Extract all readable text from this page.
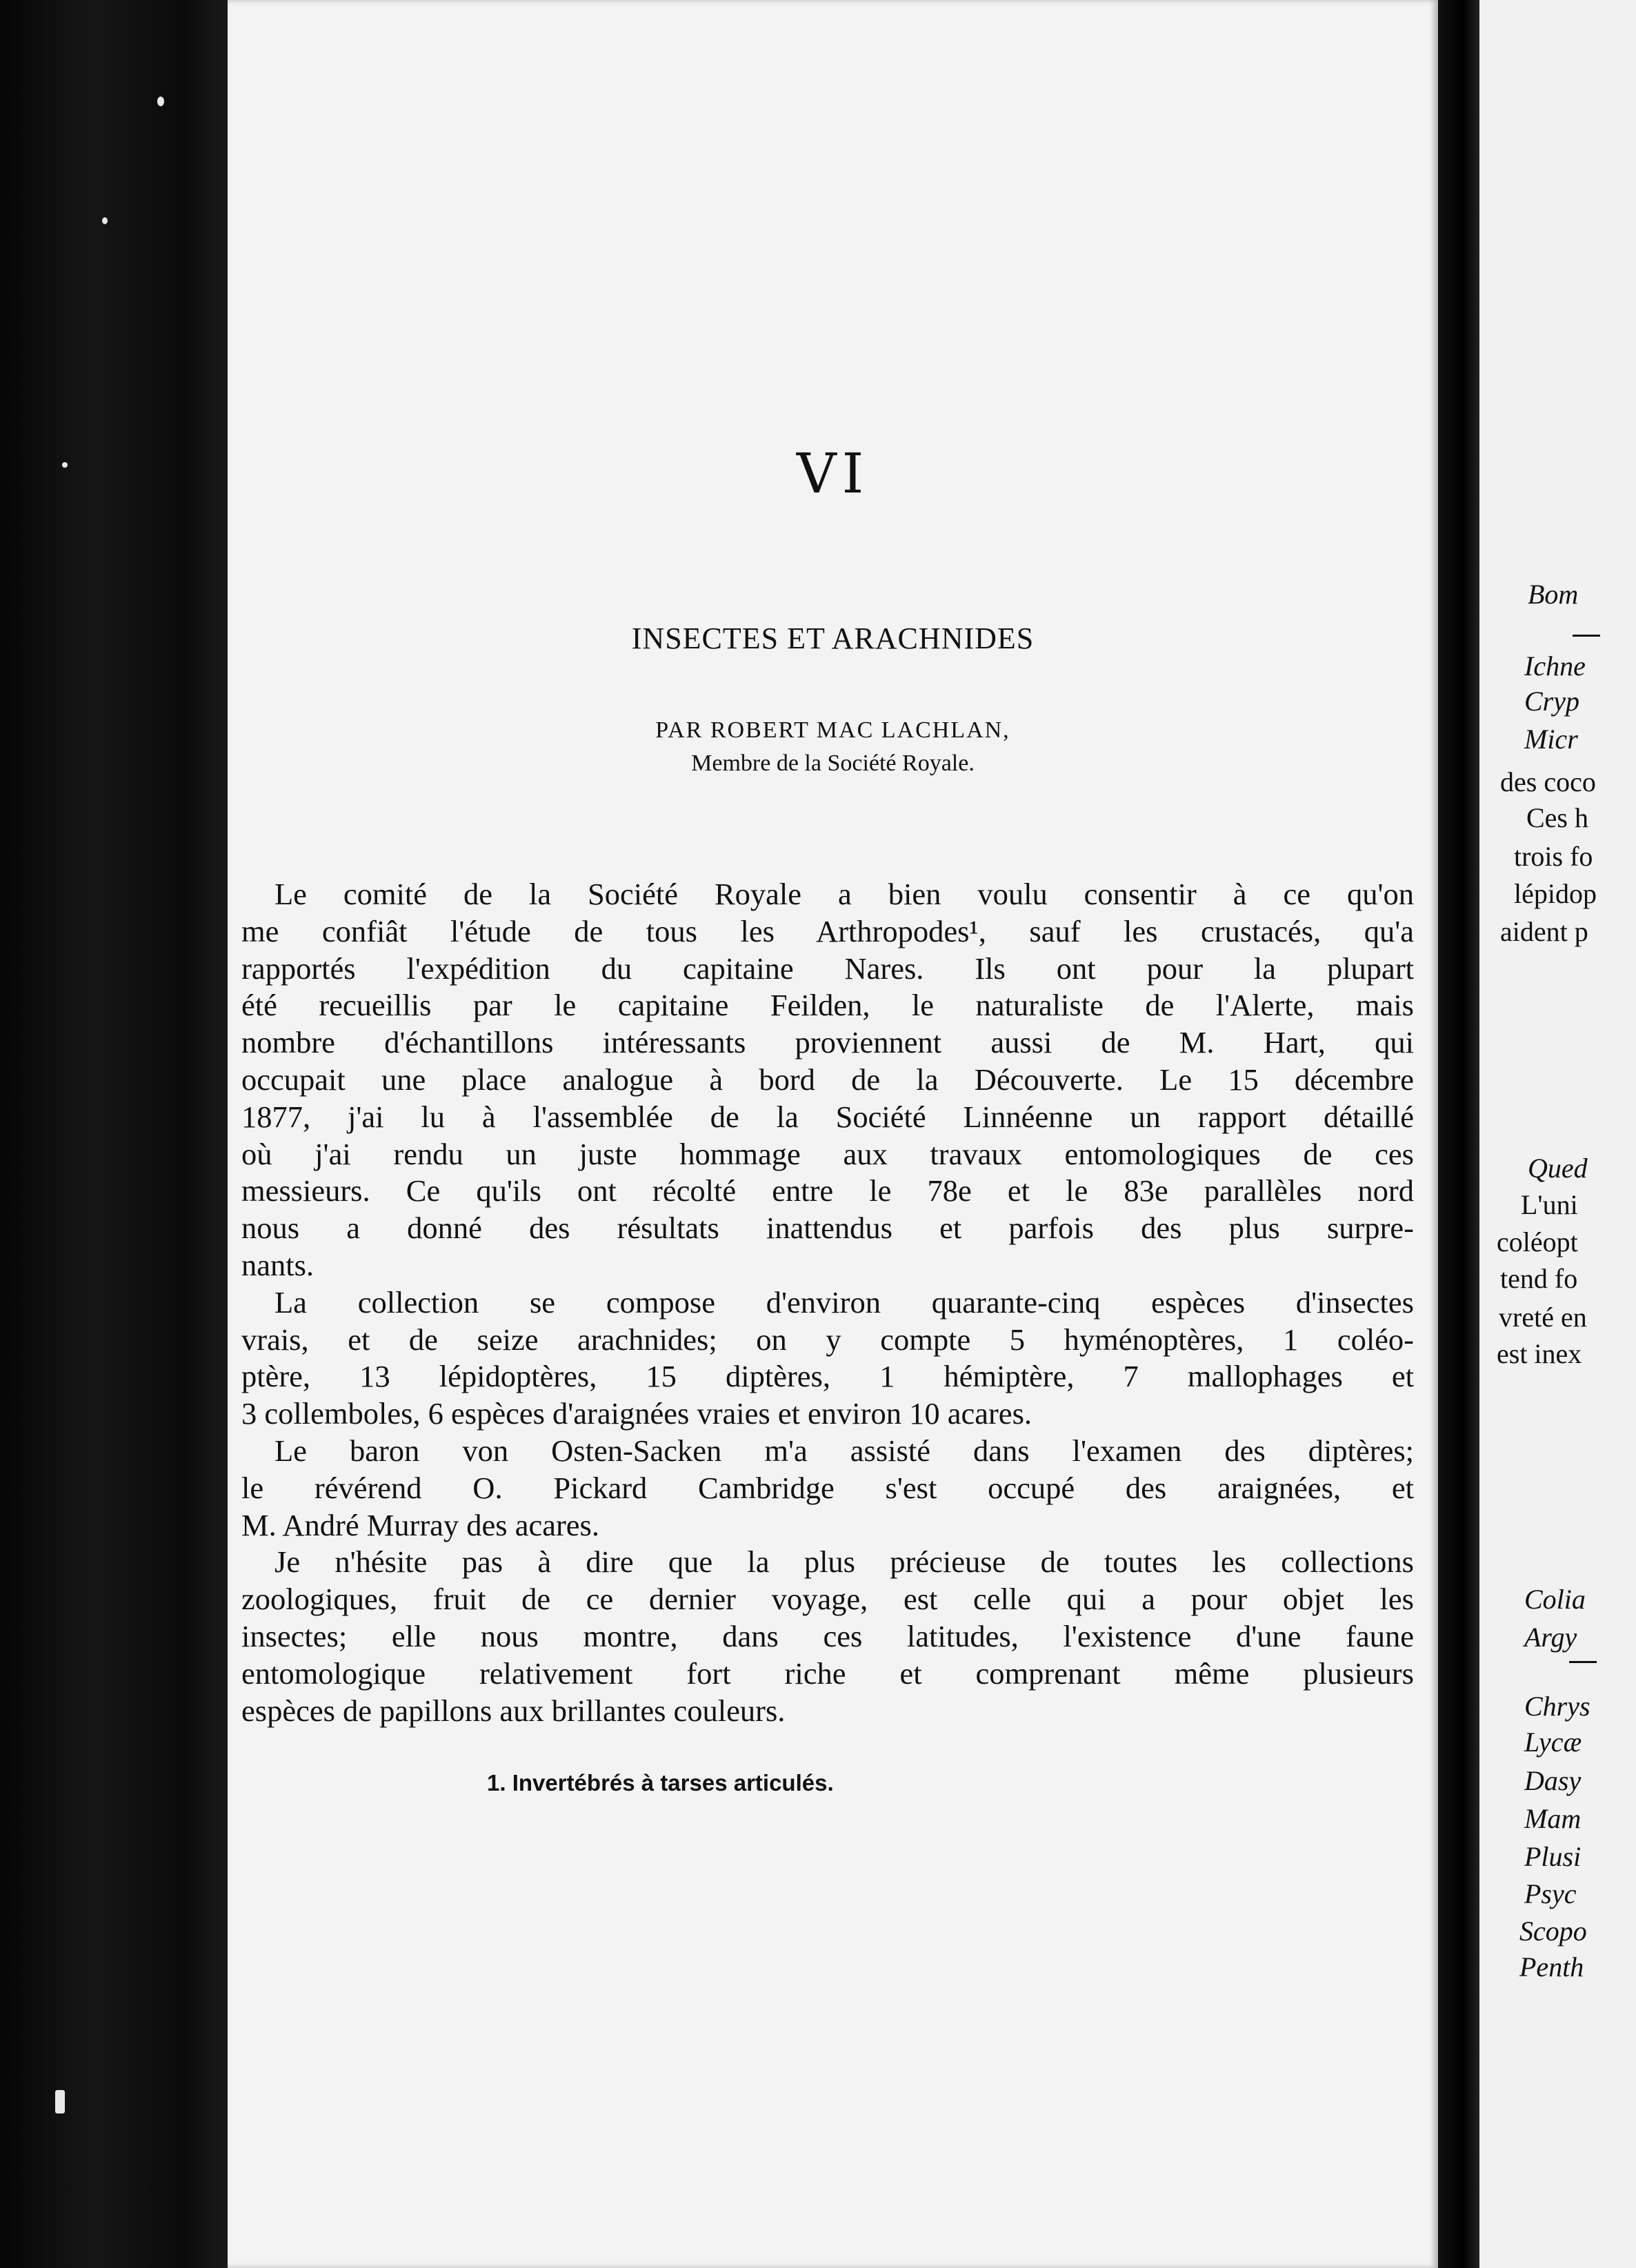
VI
INSECTES ET ARACHNIDES
PAR ROBERT MAC LACHLAN,
Membre de la Société Royale.
Le comité de la Société Royale a bien voulu consentir à ce qu'on
me confiât l'étude de tous les Arthropodes¹, sauf les crustacés, qu'a
rapportés l'expédition du capitaine Nares. Ils ont pour la plupart
été recueillis par le capitaine Feilden, le naturaliste de l'Alerte, mais
nombre d'échantillons intéressants proviennent aussi de M. Hart, qui
occupait une place analogue à bord de la Découverte. Le 15 décembre
1877, j'ai lu à l'assemblée de la Société Linnéenne un rapport détaillé
où j'ai rendu un juste hommage aux travaux entomologiques de ces
messieurs. Ce qu'ils ont récolté entre le 78e et le 83e parallèles nord
nous a donné des résultats inattendus et parfois des plus surpre-
nants.
La collection se compose d'environ quarante-cinq espèces d'insectes
vrais, et de seize arachnides; on y compte 5 hyménoptères, 1 coléo-
ptère, 13 lépidoptères, 15 diptères, 1 hémiptère, 7 mallophages et
3 collemboles, 6 espèces d'araignées vraies et environ 10 acares.
Le baron von Osten-Sacken m'a assisté dans l'examen des diptères;
le révérend O. Pickard Cambridge s'est occupé des araignées, et
M. André Murray des acares.
Je n'hésite pas à dire que la plus précieuse de toutes les collections
zoologiques, fruit de ce dernier voyage, est celle qui a pour objet les
insectes; elle nous montre, dans ces latitudes, l'existence d'une faune
entomologique relativement fort riche et comprenant même plusieurs
espèces de papillons aux brillantes couleurs.
1. Invertébrés à tarses articulés.
Bom
Ichne
Cryp
Micr
des coco
Ces h
trois fo
lépidop
aident p
Qued
L'uni
coléopt
tend fo
vreté en
est inex
Colia
Argy
Chrys
Lycæ
Dasy
Mam
Plusi
Psyc
Scopo
Penth
